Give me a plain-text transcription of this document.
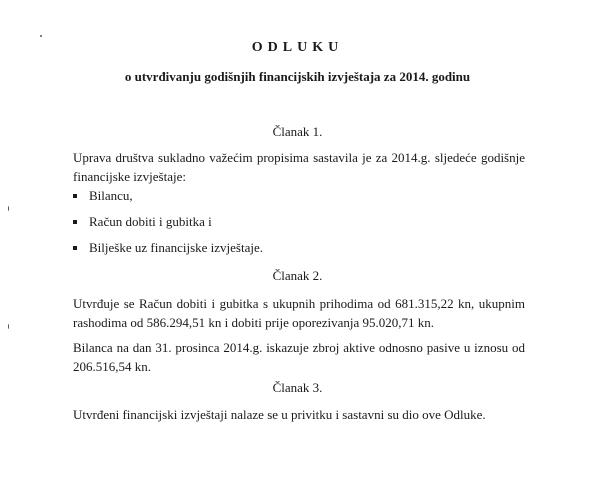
ODLUKU
o utvrđivanju godišnjih financijskih izvještaja za 2014. godinu
Članak 1.

Uprava društva sukladno važećim propisima sastavila je za 2014.g. sljedeće godišnje financijske izvještaje:

Bilancu,
Račun dobiti i gubitka i
Bilješke uz financijske izvještaje.
Članak 2.

Utvrđuje se Račun dobiti i gubitka s ukupnih prihodima od 681.315,22 kn, ukupnim rashodima od 586.294,51 kn i dobiti prije oporezivanja 95.020,71 kn.

Bilanca na dan 31. prosinca 2014.g. iskazuje zbroj aktive odnosno pasive u iznosu od 206.516,54 kn.

Članak 3.

Utvrđeni financijski izvještaji nalaze se u privitku i sastavni su dio ove Odluke.
